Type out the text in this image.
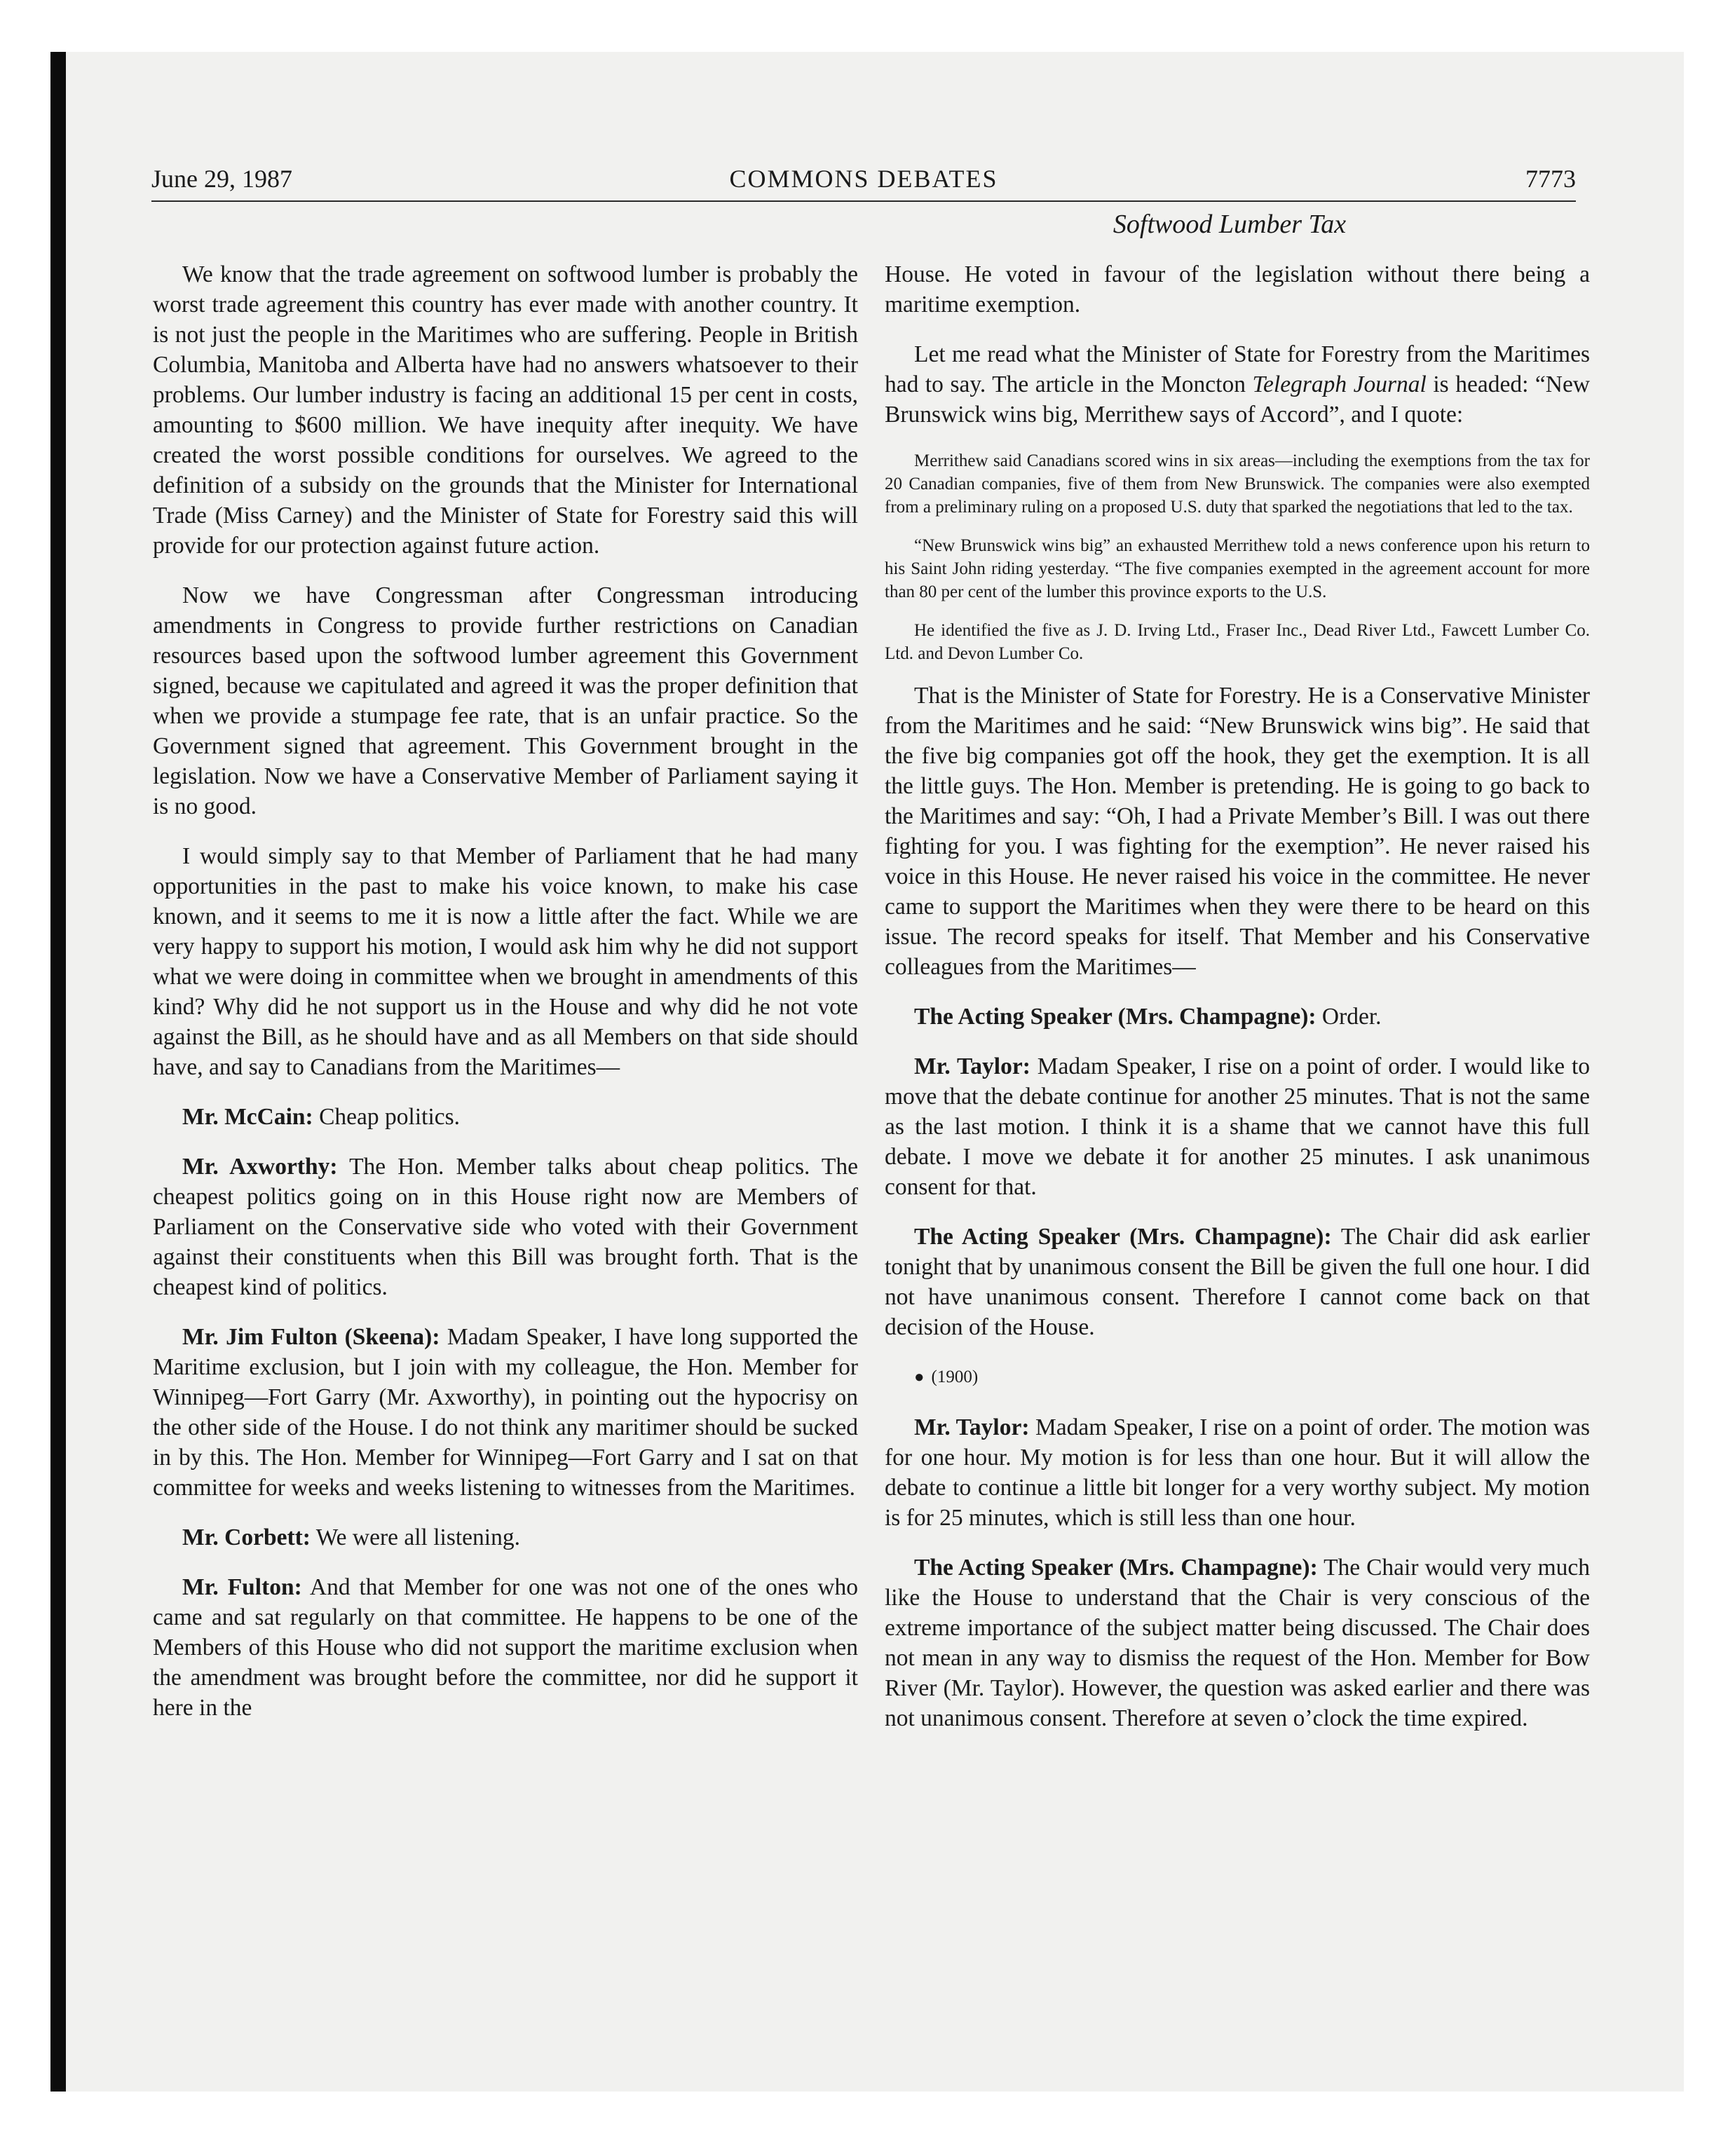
June 29, 1987	COMMONS DEBATES	7773
Softwood Lumber Tax

We know that the trade agreement on softwood lumber is probably the worst trade agreement this country has ever made with another country. It is not just the people in the Maritimes who are suffering. People in British Columbia, Manitoba and Alberta have had no answers whatsoever to their problems. Our lumber industry is facing an additional 15 per cent in costs, amounting to $600 million. We have inequity after inequity. We have created the worst possible conditions for ourselves. We agreed to the definition of a subsidy on the grounds that the Minister for International Trade (Miss Carney) and the Minister of State for Forestry said this will provide for our protection against future action.

Now we have Congressman after Congressman introducing amendments in Congress to provide further restrictions on Canadian resources based upon the softwood lumber agreement this Government signed, because we capitulated and agreed it was the proper definition that when we provide a stumpage fee rate, that is an unfair practice. So the Government signed that agreement. This Government brought in the legislation. Now we have a Conservative Member of Parliament saying it is no good.

I would simply say to that Member of Parliament that he had many opportunities in the past to make his voice known, to make his case known, and it seems to me it is now a little after the fact. While we are very happy to support his motion, I would ask him why he did not support what we were doing in committee when we brought in amendments of this kind? Why did he not support us in the House and why did he not vote against the Bill, as he should have and as all Members on that side should have, and say to Canadians from the Maritimes—

Mr. McCain: Cheap politics.

Mr. Axworthy: The Hon. Member talks about cheap politics. The cheapest politics going on in this House right now are Members of Parliament on the Conservative side who voted with their Government against their constituents when this Bill was brought forth. That is the cheapest kind of politics.

Mr. Jim Fulton (Skeena): Madam Speaker, I have long supported the Maritime exclusion, but I join with my colleague, the Hon. Member for Winnipeg—Fort Garry (Mr. Axworthy), in pointing out the hypocrisy on the other side of the House. I do not think any maritimer should be sucked in by this. The Hon. Member for Winnipeg—Fort Garry and I sat on that committee for weeks and weeks listening to witnesses from the Maritimes.

Mr. Corbett: We were all listening.

Mr. Fulton: And that Member for one was not one of the ones who came and sat regularly on that committee. He happens to be one of the Members of this House who did not support the maritime exclusion when the amendment was brought before the committee, nor did he support it here in the

House. He voted in favour of the legislation without there being a maritime exemption.

Let me read what the Minister of State for Forestry from the Maritimes had to say. The article in the Moncton Telegraph Journal is headed: “New Brunswick wins big, Merrithew says of Accord”, and I quote:

Merrithew said Canadians scored wins in six areas—including the exemptions from the tax for 20 Canadian companies, five of them from New Brunswick. The companies were also exempted from a preliminary ruling on a proposed U.S. duty that sparked the negotiations that led to the tax.
“New Brunswick wins big” an exhausted Merrithew told a news conference upon his return to his Saint John riding yesterday. “The five companies exempted in the agreement account for more than 80 per cent of the lumber this province exports to the U.S.
He identified the five as J. D. Irving Ltd., Fraser Inc., Dead River Ltd., Fawcett Lumber Co. Ltd. and Devon Lumber Co.

That is the Minister of State for Forestry. He is a Conservative Minister from the Maritimes and he said: “New Brunswick wins big”. He said that the five big companies got off the hook, they get the exemption. It is all the little guys. The Hon. Member is pretending. He is going to go back to the Maritimes and say: “Oh, I had a Private Member’s Bill. I was out there fighting for you. I was fighting for the exemption”. He never raised his voice in this House. He never raised his voice in the committee. He never came to support the Maritimes when they were there to be heard on this issue. The record speaks for itself. That Member and his Conservative colleagues from the Maritimes—

The Acting Speaker (Mrs. Champagne): Order.

Mr. Taylor: Madam Speaker, I rise on a point of order. I would like to move that the debate continue for another 25 minutes. That is not the same as the last motion. I think it is a shame that we cannot have this full debate. I move we debate it for another 25 minutes. I ask unanimous consent for that.

The Acting Speaker (Mrs. Champagne): The Chair did ask earlier tonight that by unanimous consent the Bill be given the full one hour. I did not have unanimous consent. Therefore I cannot come back on that decision of the House.

● (1900)

Mr. Taylor: Madam Speaker, I rise on a point of order. The motion was for one hour. My motion is for less than one hour. But it will allow the debate to continue a little bit longer for a very worthy subject. My motion is for 25 minutes, which is still less than one hour.

The Acting Speaker (Mrs. Champagne): The Chair would very much like the House to understand that the Chair is very conscious of the extreme importance of the subject matter being discussed. The Chair does not mean in any way to dismiss the request of the Hon. Member for Bow River (Mr. Taylor). However, the question was asked earlier and there was not unanimous consent. Therefore at seven o’clock the time expired.
